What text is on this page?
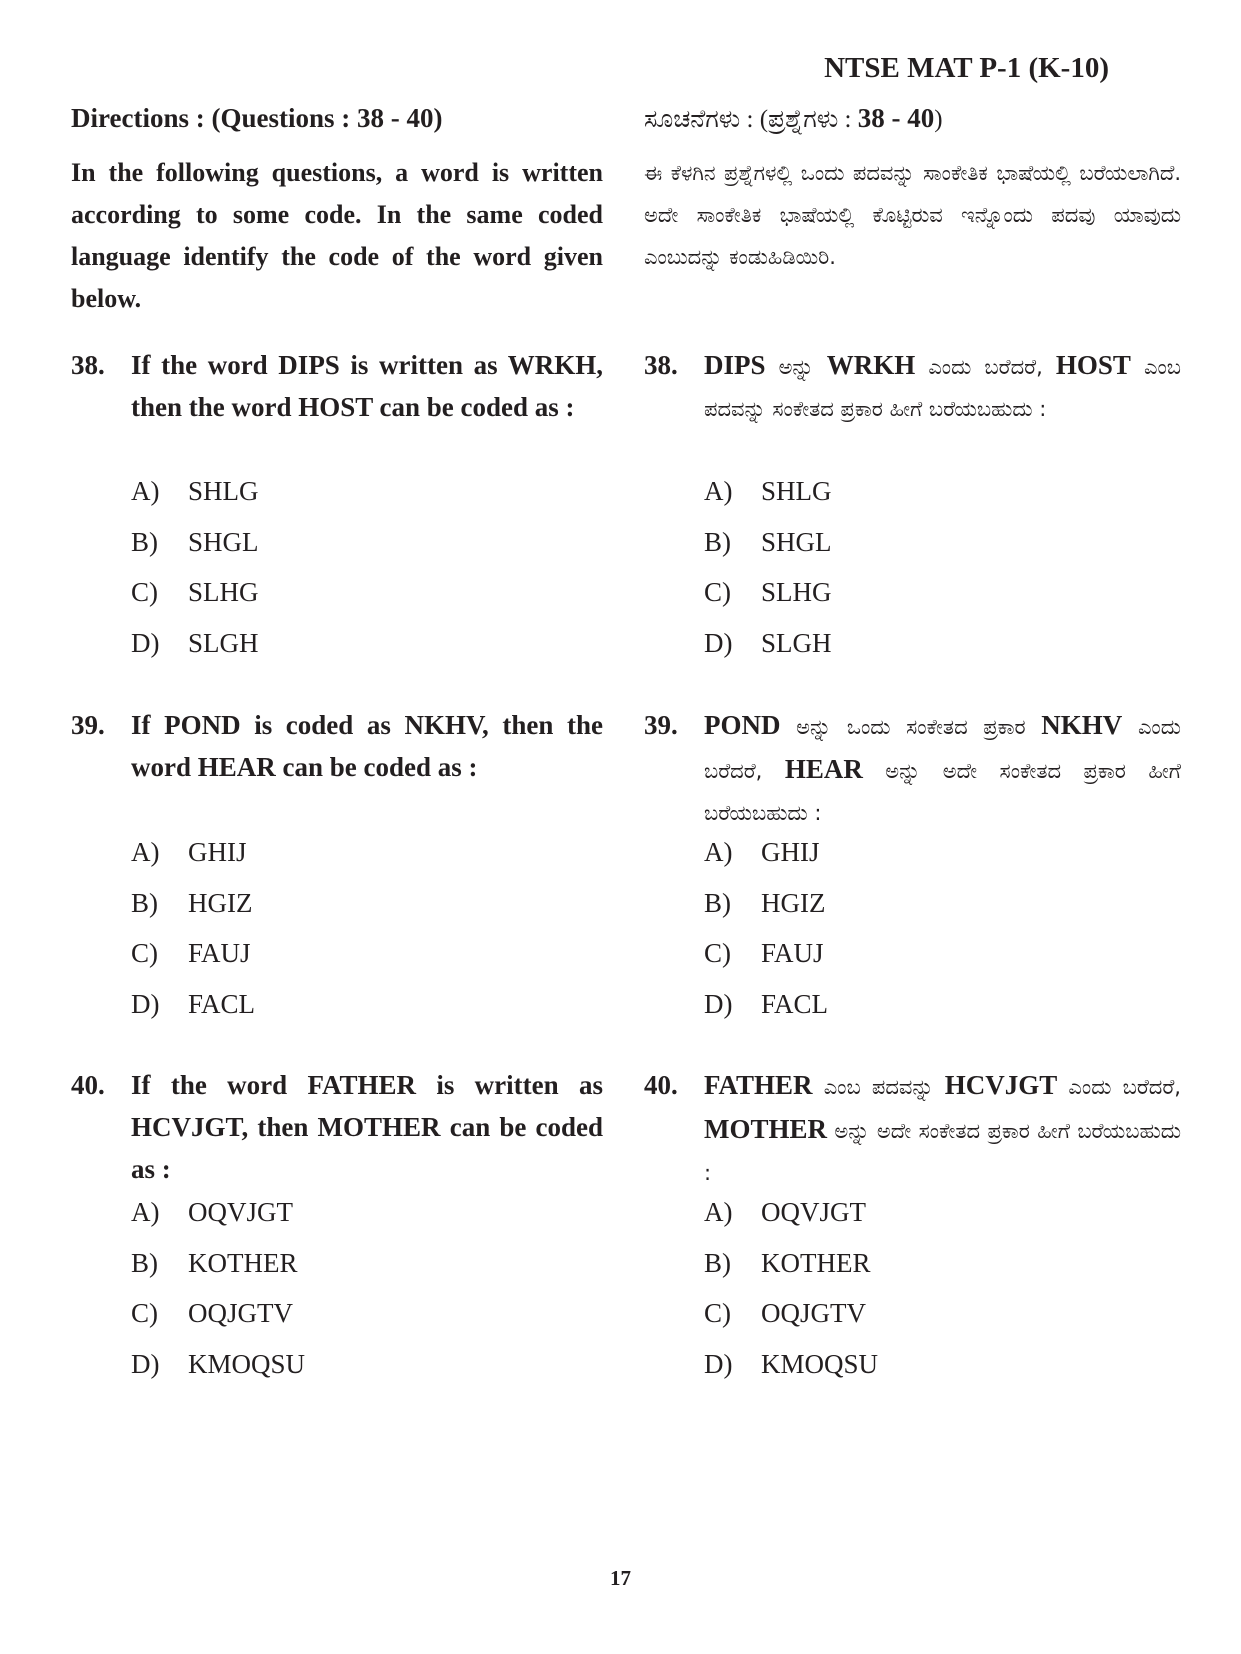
NTSE MAT P-1 (K-10)
Directions : (Questions : 38 - 40)
In the following questions, a word is written according to some code. In the same coded language identify the code of the word given below.
38. If the word DIPS is written as WRKH, then the word HOST can be coded as :
A) SHLG
B) SHGL
C) SLHG
D) SLGH
39. If POND is coded as NKHV, then the word HEAR can be coded as :
A) GHIJ
B) HGIZ
C) FAUJ
D) FACL
40. If the word FATHER is written as HCVJGT, then MOTHER can be coded as :
A) OQVJGT
B) KOTHER
C) OQJGTV
D) KMOQSU
ಸೂಚನೆಗಳು : (ಪ್ರಶ್ನೆಗಳು : 38 - 40)
ಈ ಕೆಳಗಿನ ಪ್ರಶ್ನೆಗಳಲ್ಲಿ ಒಂದು ಪದವನ್ನು ಸಾಂಕೇತಿಕ ಭಾಷೆಯಲ್ಲಿ ಬರೆಯಲಾಗಿದೆ. ಅದೇ ಸಾಂಕೇತಿಕ ಭಾಷೆಯಲ್ಲಿ ಕೊಟ್ಟಿರುವ ಇನ್ನೊಂದು ಪದವು ಯಾವುದು ಎಂಬುದನ್ನು ಕಂಡುಹಿಡಿಯಿರಿ.
38. DIPS ಅನ್ನು WRKH ಎಂದು ಬರೆದರೆ, HOST ಎಂಬ ಪದವನ್ನು ಸಂಕೇತದ ಪ್ರಕಾರ ಹೀಗೆ ಬರೆಯಬಹುದು :
A) SHLG
B) SHGL
C) SLHG
D) SLGH
39. POND ಅನ್ನು ಒಂದು ಸಂಕೇತದ ಪ್ರಕಾರ NKHV ಎಂದು ಬರೆದರೆ, HEAR ಅನ್ನು ಅದೇ ಸಂಕೇತದ ಪ್ರಕಾರ ಹೀಗೆ ಬರೆಯಬಹುದು :
A) GHIJ
B) HGIZ
C) FAUJ
D) FACL
40. FATHER ಎಂಬ ಪದವನ್ನು HCVJGT ಎಂದು ಬರೆದರೆ, MOTHER ಅನ್ನು ಅದೇ ಸಂಕೇತದ ಪ್ರಕಾರ ಹೀಗೆ ಬರೆಯಬಹುದು :
A) OQVJGT
B) KOTHER
C) OQJGTV
D) KMOQSU
17
